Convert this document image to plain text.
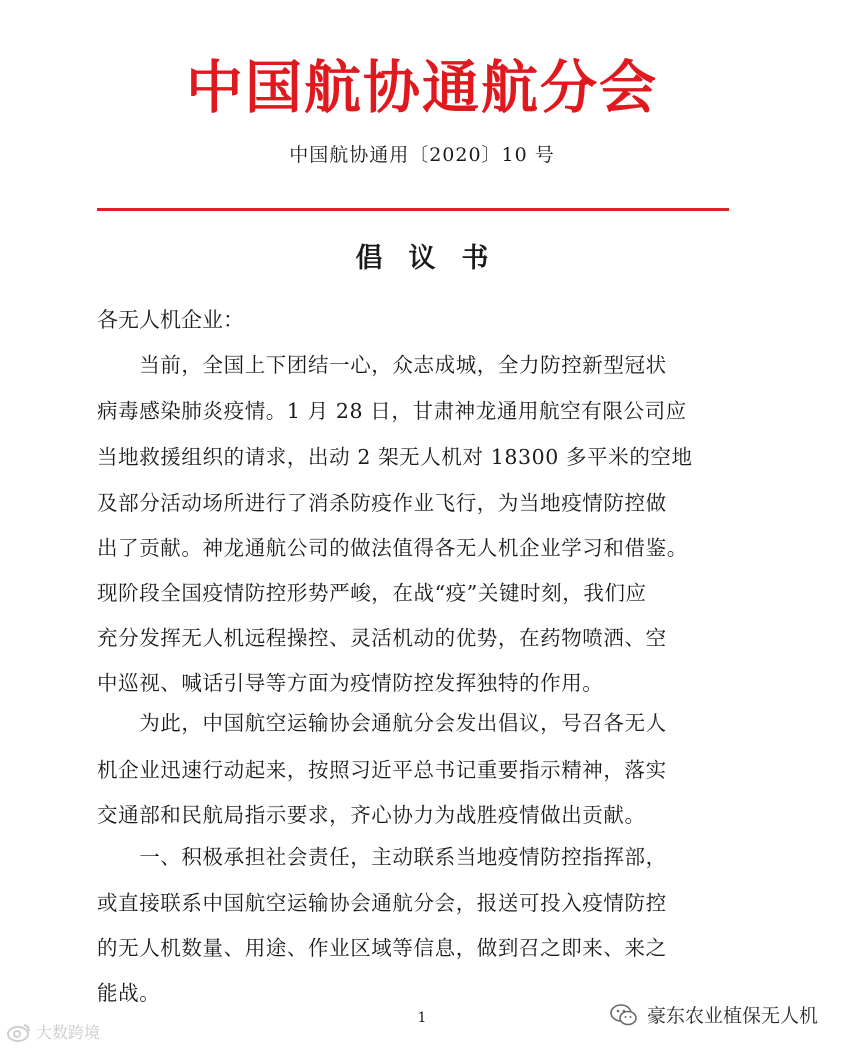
中国航协通航分会
中国航协通用〔2020〕10 号
倡议书
各无人机企业：
　　当前，全国上下团结一心，众志成城，全力防控新型冠状
病毒感染肺炎疫情。1 月 28 日，甘肃神龙通用航空有限公司应
当地救援组织的请求，出动 2 架无人机对 18300 多平米的空地
及部分活动场所进行了消杀防疫作业飞行，为当地疫情防控做
出了贡献。神龙通航公司的做法值得各无人机企业学习和借鉴。
现阶段全国疫情防控形势严峻，在战“疫”关键时刻，我们应
充分发挥无人机远程操控、灵活机动的优势，在药物喷洒、空
中巡视、喊话引导等方面为疫情防控发挥独特的作用。
　　为此，中国航空运输协会通航分会发出倡议，号召各无人
机企业迅速行动起来，按照习近平总书记重要指示精神，落实
交通部和民航局指示要求，齐心协力为战胜疫情做出贡献。
　　一、积极承担社会责任，主动联系当地疫情防控指挥部，
或直接联系中国航空运输协会通航分会，报送可投入疫情防控
的无人机数量、用途、作业区域等信息，做到召之即来、来之
能战。
1
大数跨境
豪东农业植保无人机
